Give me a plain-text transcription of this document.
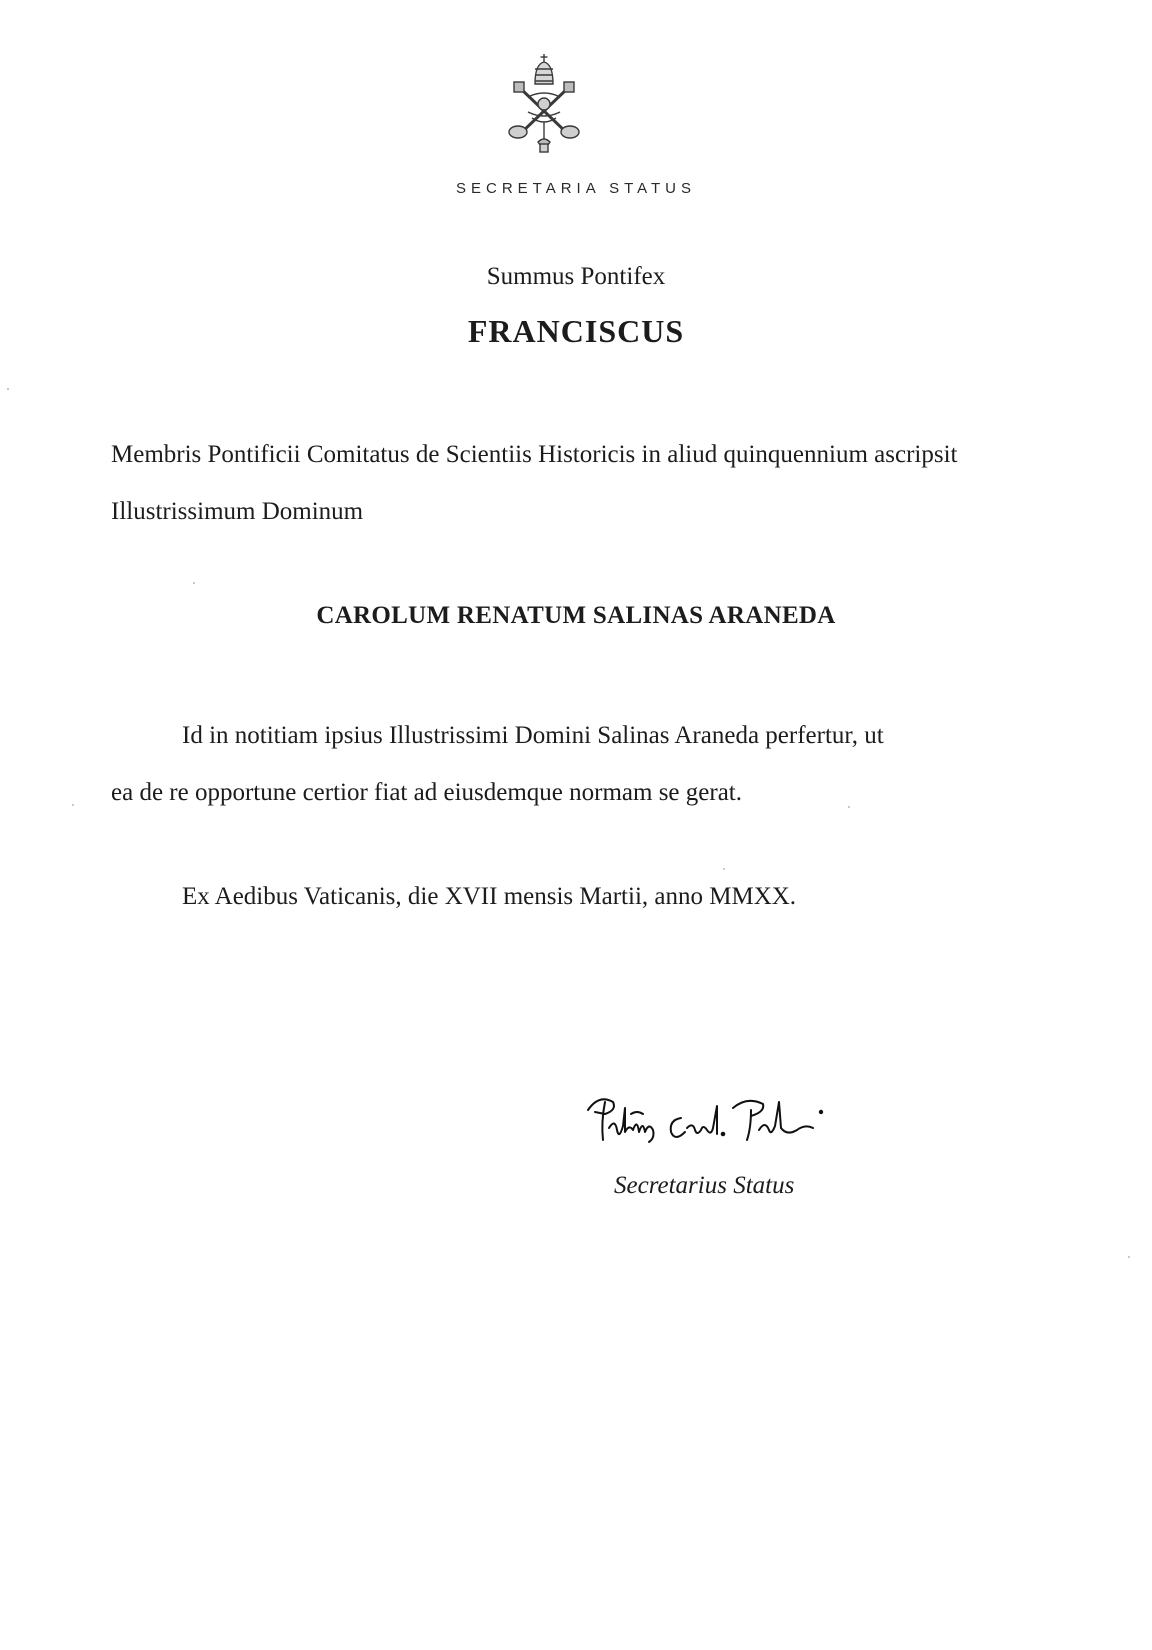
SECRETARIA STATUS
Summus Pontifex
FRANCISCUS

Membris Pontificii Comitatus de Scientiis Historicis in aliud quinquennium ascripsit Illustrissimum Dominum

CAROLUM RENATUM SALINAS ARANEDA

Id in notitiam ipsius Illustrissimi Domini Salinas Araneda perfertur, ut
ea de re opportune certior fiat ad eiusdemque normam se gerat.

Ex Aedibus Vaticanis, die XVII mensis Martii, anno MMXX.

Secretarius Status
